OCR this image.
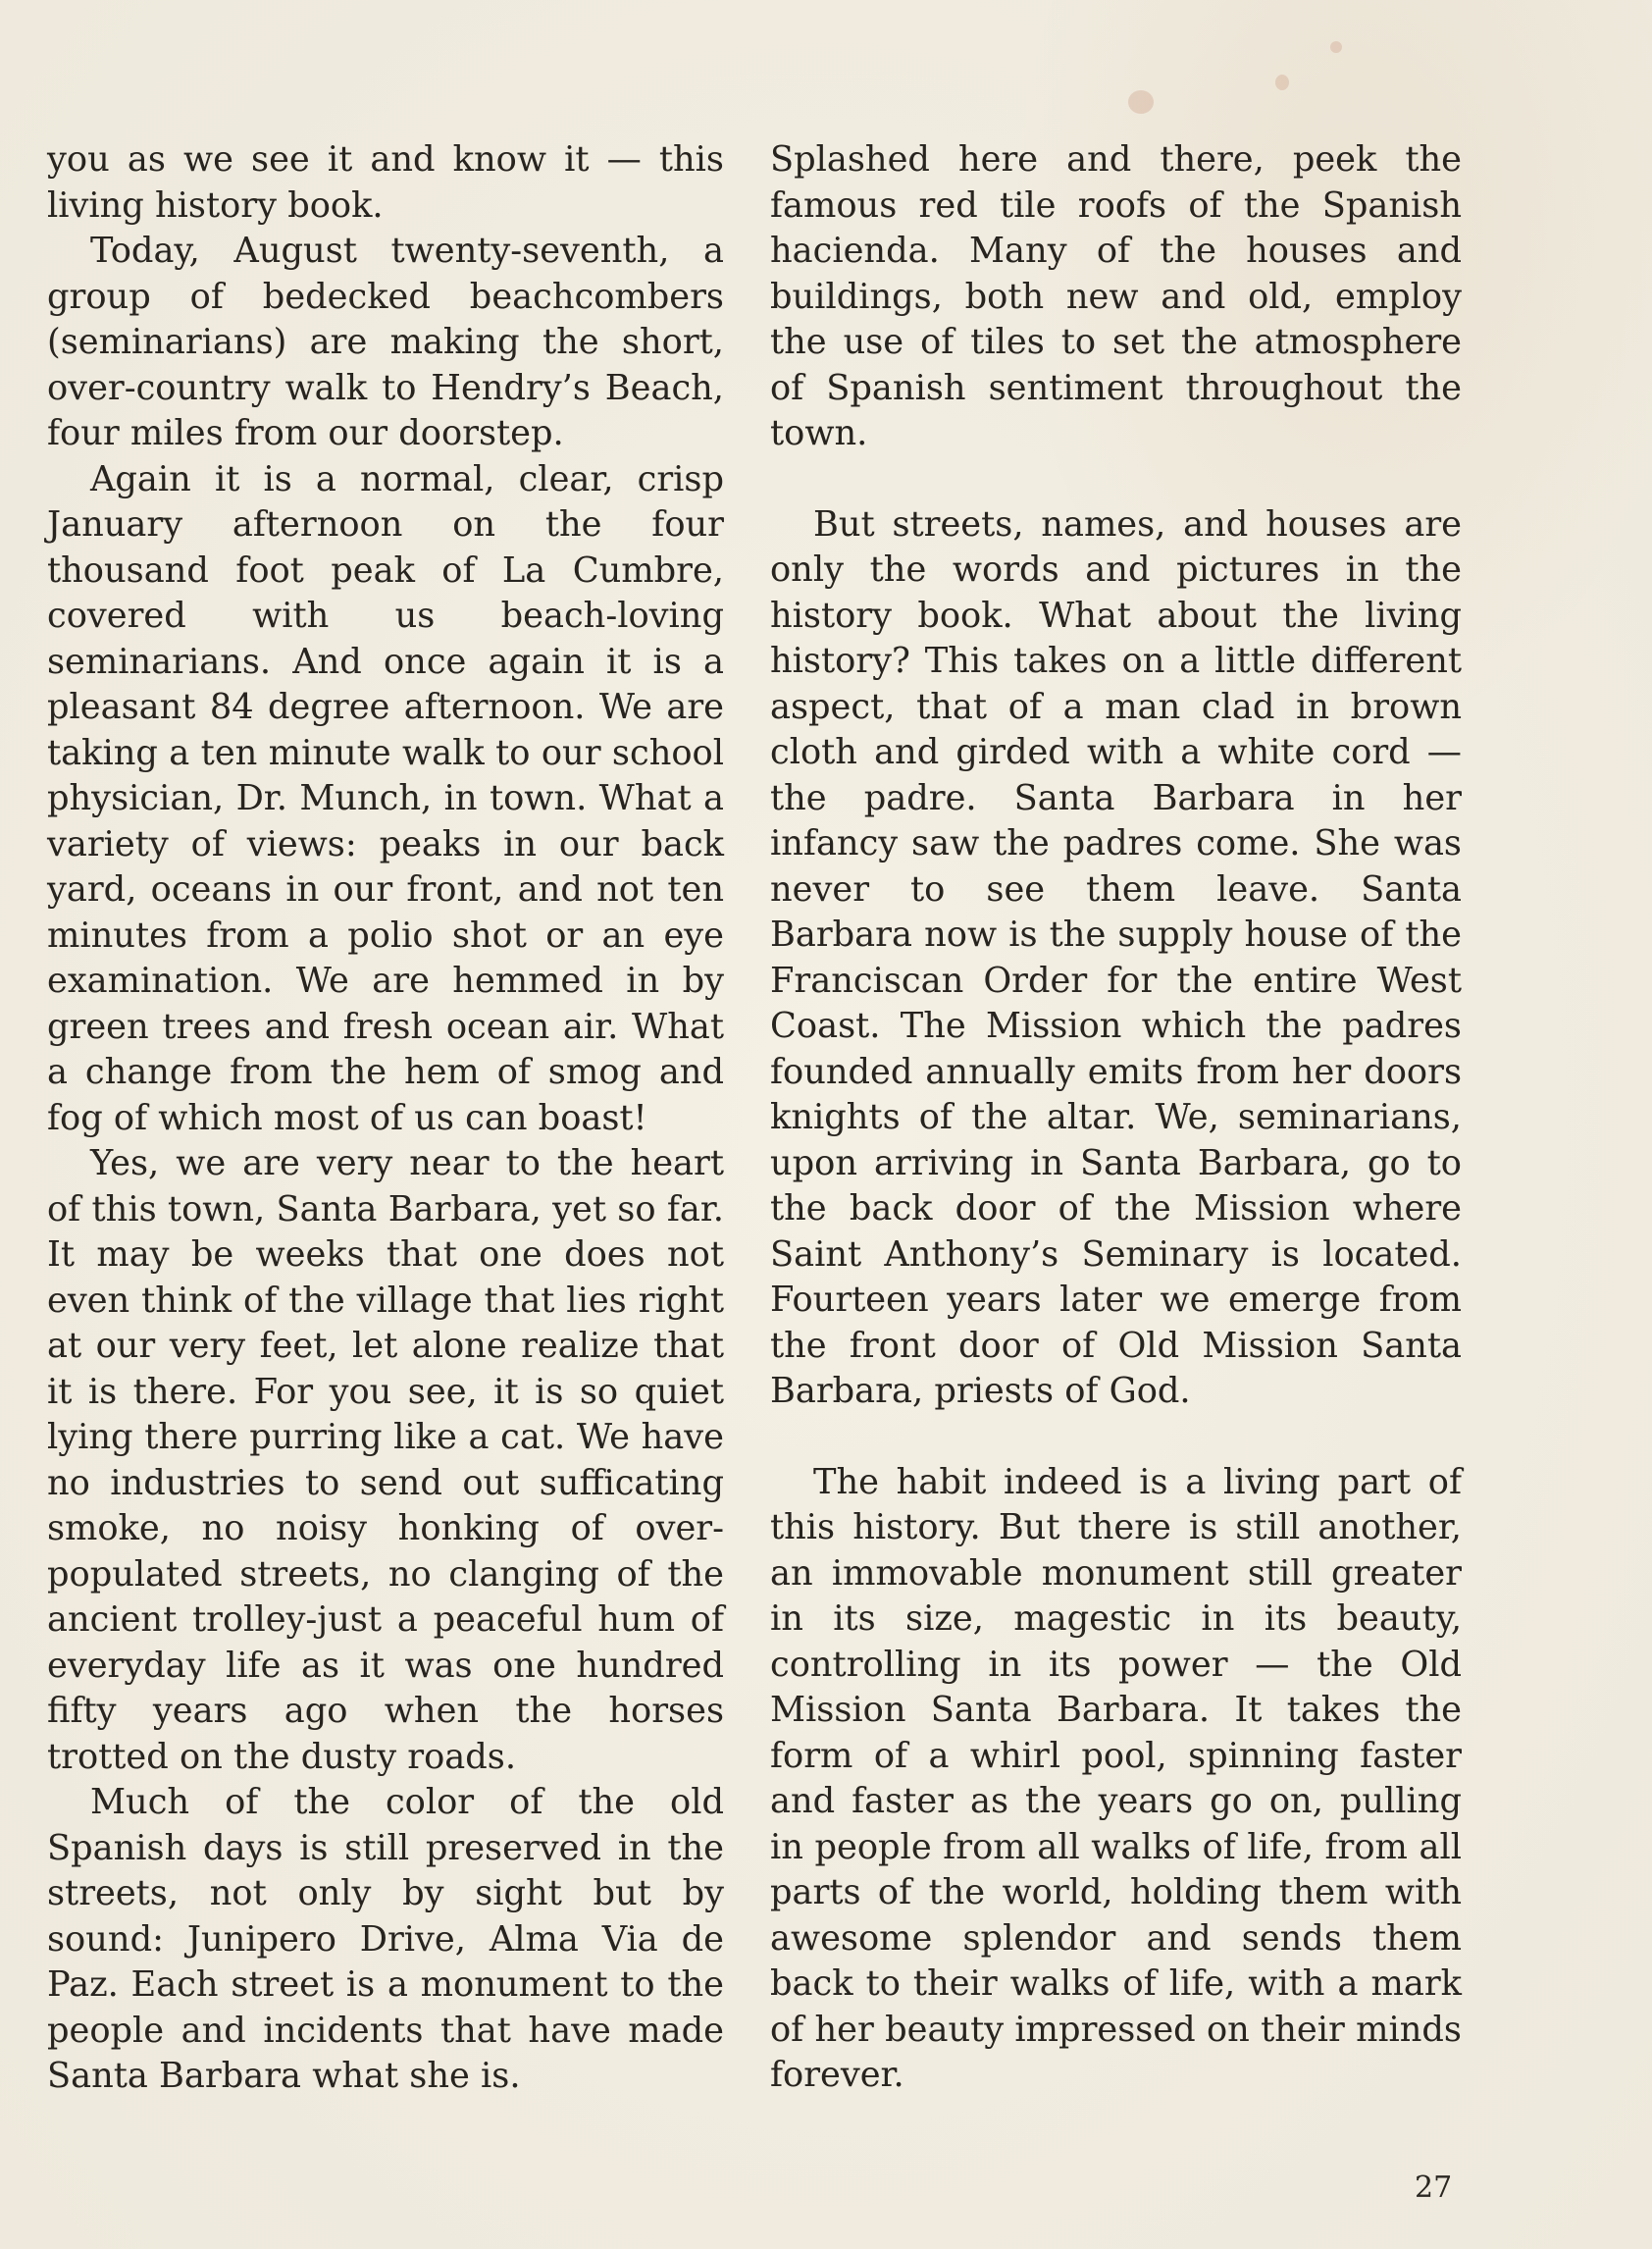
you as we see it and know it — this living history book.

Today, August twenty-seventh, a group of bedecked beachcombers (seminarians) are making the short, over-country walk to Hendry’s Beach, four miles from our doorstep.

Again it is a normal, clear, crisp January afternoon on the four thousand foot peak of La Cumbre, covered with us beach-loving seminarians. And once again it is a pleasant 84 degree afternoon. We are taking a ten minute walk to our school physician, Dr. Munch, in town. What a variety of views: peaks in our back yard, oceans in our front, and not ten minutes from a polio shot or an eye examination. We are hemmed in by green trees and fresh ocean air. What a change from the hem of smog and fog of which most of us can boast!

Yes, we are very near to the heart of this town, Santa Barbara, yet so far. It may be weeks that one does not even think of the village that lies right at our very feet, let alone realize that it is there. For you see, it is so quiet lying there purring like a cat. We have no industries to send out sufficating smoke, no noisy honking of over-populated streets, no clanging of the ancient trolley-just a peaceful hum of everyday life as it was one hundred fifty years ago when the horses trotted on the dusty roads.

Much of the color of the old Spanish days is still preserved in the streets, not only by sight but by sound: Junipero Drive, Alma Via de Paz. Each street is a monument to the people and incidents that have made Santa Barbara what she is.

Splashed here and there, peek the famous red tile roofs of the Spanish hacienda. Many of the houses and buildings, both new and old, employ the use of tiles to set the atmosphere of Spanish sentiment throughout the town.

But streets, names, and houses are only the words and pictures in the history book. What about the living history? This takes on a little different aspect, that of a man clad in brown cloth and girded with a white cord — the padre. Santa Barbara in her infancy saw the padres come. She was never to see them leave. Santa Barbara now is the supply house of the Franciscan Order for the entire West Coast. The Mission which the padres founded annually emits from her doors knights of the altar. We, seminarians, upon arriving in Santa Barbara, go to the back door of the Mission where Saint Anthony’s Seminary is located. Fourteen years later we emerge from the front door of Old Mission Santa Barbara, priests of God.

The habit indeed is a living part of this history. But there is still another, an immovable monument still greater in its size, magestic in its beauty, controlling in its power — the Old Mission Santa Barbara. It takes the form of a whirl pool, spinning faster and faster as the years go on, pulling in people from all walks of life, from all parts of the world, holding them with awesome splendor and sends them back to their walks of life, with a mark of her beauty impressed on their minds forever.

27
